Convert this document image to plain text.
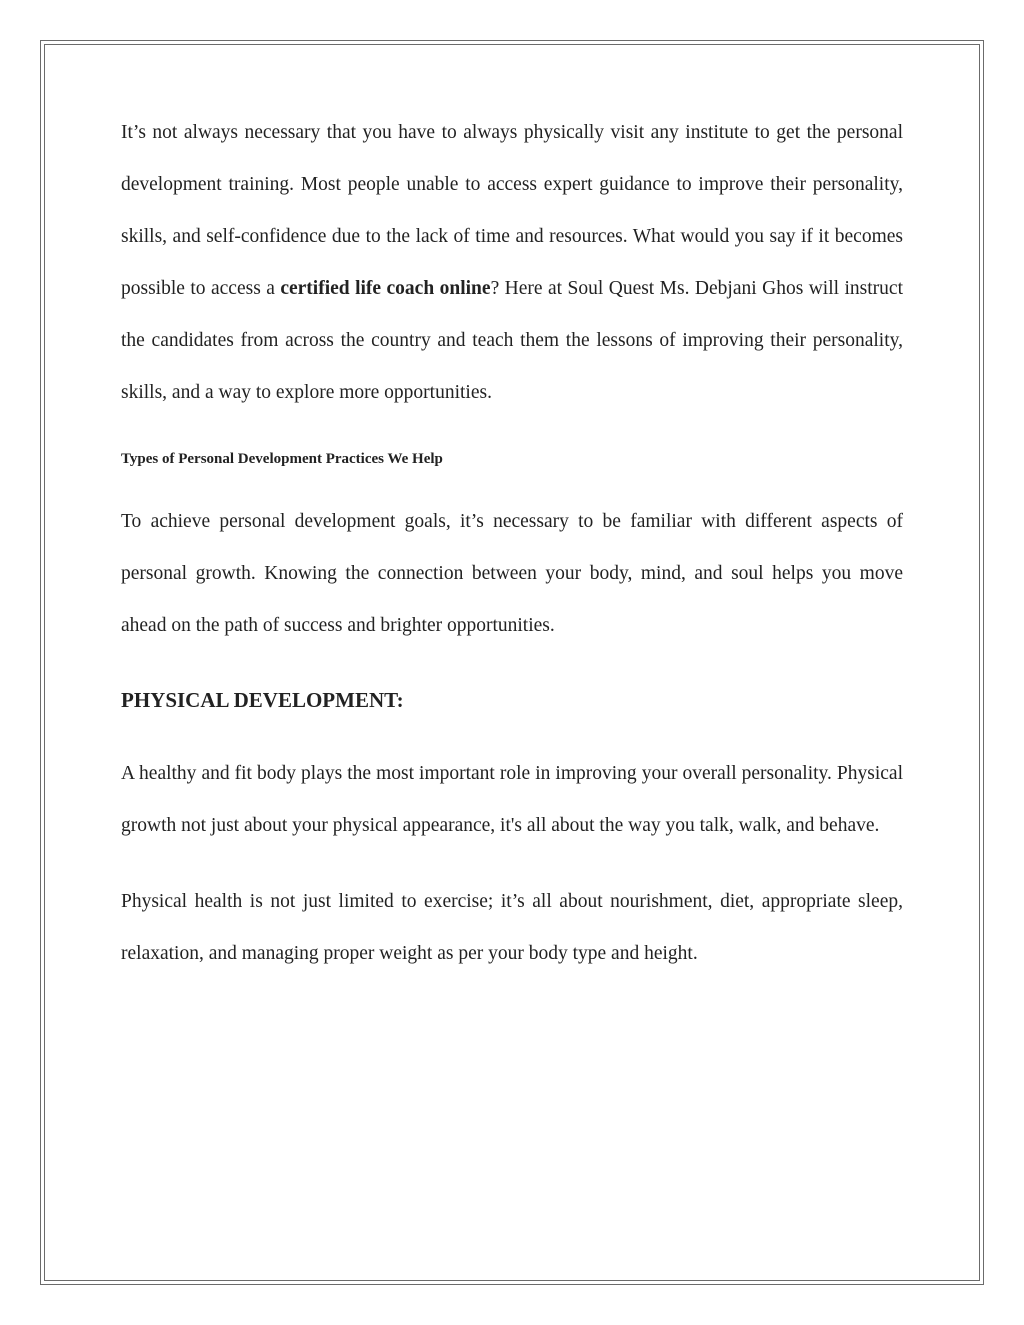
It’s not always necessary that you have to always physically visit any institute to get the personal development training. Most people unable to access expert guidance to improve their personality, skills, and self-confidence due to the lack of time and resources. What would you say if it becomes possible to access a certified life coach online? Here at Soul Quest Ms. Debjani Ghos will instruct the candidates from across the country and teach them the lessons of improving their personality, skills, and a way to explore more opportunities.

Types of Personal Development Practices We Help

To achieve personal development goals, it’s necessary to be familiar with different aspects of personal growth. Knowing the connection between your body, mind, and soul helps you move ahead on the path of success and brighter opportunities.

PHYSICAL DEVELOPMENT:

A healthy and fit body plays the most important role in improving your overall personality. Physical growth not just about your physical appearance, it's all about the way you talk, walk, and behave.

Physical health is not just limited to exercise; it’s all about nourishment, diet, appropriate sleep, relaxation, and managing proper weight as per your body type and height.
